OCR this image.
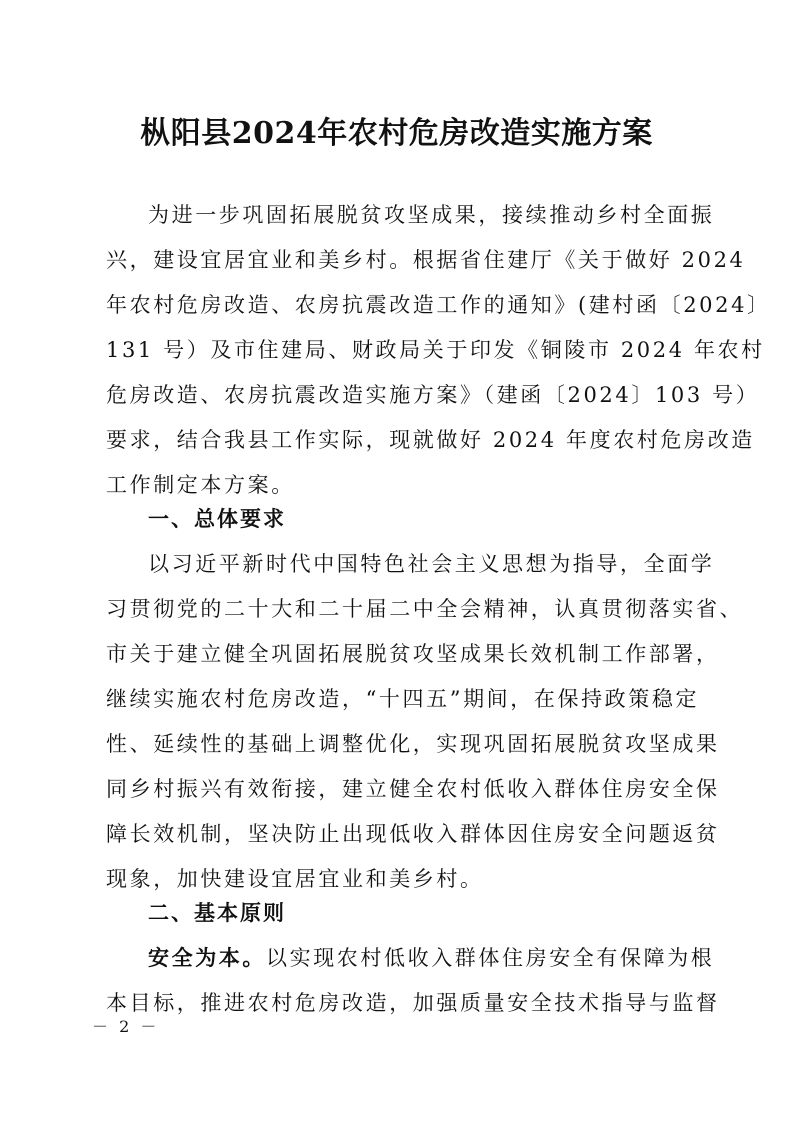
枞阳县2024年农村危房改造实施方案
为进一步巩固拓展脱贫攻坚成果，接续推动乡村全面振
兴，建设宜居宜业和美乡村。根据省住建厅《关于做好 2024
年农村危房改造、农房抗震改造工作的通知》(建村函〔2024〕
131 号）及市住建局、财政局关于印发《铜陵市 2024 年农村
危房改造、农房抗震改造实施方案》（建函〔2024〕103 号）
要求，结合我县工作实际，现就做好 2024 年度农村危房改造
工作制定本方案。
一、总体要求
以习近平新时代中国特色社会主义思想为指导，全面学
习贯彻党的二十大和二十届二中全会精神，认真贯彻落实省、
市关于建立健全巩固拓展脱贫攻坚成果长效机制工作部署，
继续实施农村危房改造，“十四五”期间，在保持政策稳定
性、延续性的基础上调整优化，实现巩固拓展脱贫攻坚成果
同乡村振兴有效衔接，建立健全农村低收入群体住房安全保
障长效机制，坚决防止出现低收入群体因住房安全问题返贫
现象，加快建设宜居宜业和美乡村。
二、基本原则
安全为本。以实现农村低收入群体住房安全有保障为根
本目标，推进农村危房改造，加强质量安全技术指导与监督
－ 2 －
